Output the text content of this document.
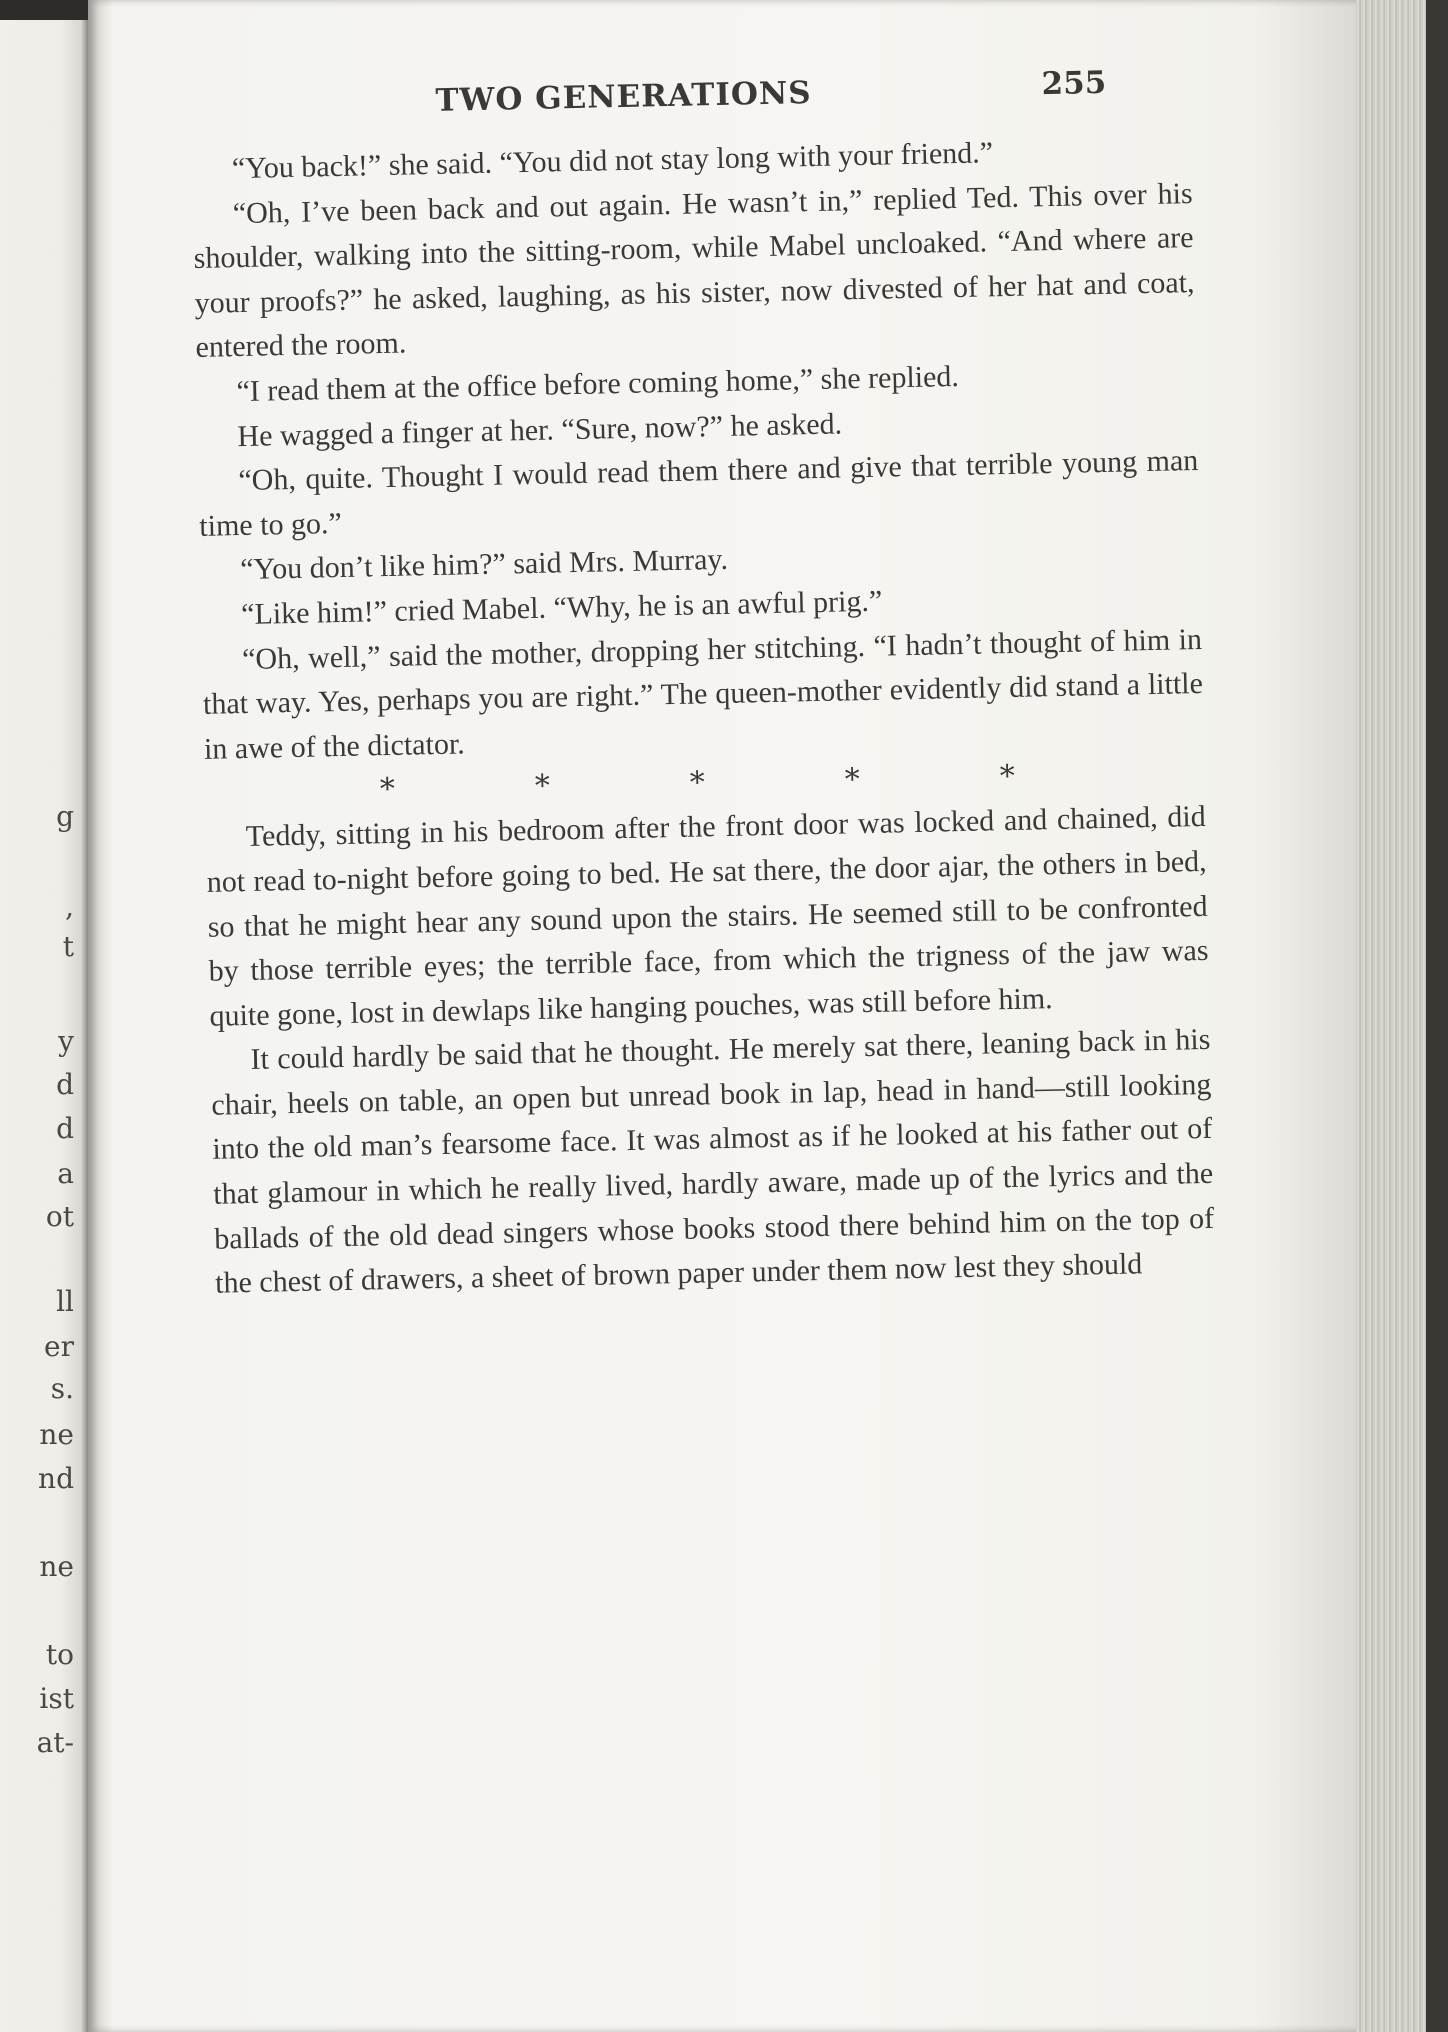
g
,
t
y
d
d
a
ot
ll
er
s.
ne
nd
ne
to
ist
at-
TWO GENERATIONS	255

“You back!” she said. “You did not stay long with your friend.”

“Oh, I’ve been back and out again. He wasn’t in,” replied Ted. This over his shoulder, walking into the sitting-room, while Mabel uncloaked. “And where are your proofs?” he asked, laughing, as his sister, now divested of her hat and coat, entered the room.

“I read them at the office before coming home,” she replied.

He wagged a finger at her. “Sure, now?” he asked.

“Oh, quite. Thought I would read them there and give that terrible young man time to go.”

“You don’t like him?” said Mrs. Murray.

“Like him!” cried Mabel. “Why, he is an awful prig.”

“Oh, well,” said the mother, dropping her stitching. “I hadn’t thought of him in that way. Yes, perhaps you are right.” The queen-mother evidently did stand a little in awe of the dictator.

*	*	*	*	*

Teddy, sitting in his bedroom after the front door was locked and chained, did not read to-night before going to bed. He sat there, the door ajar, the others in bed, so that he might hear any sound upon the stairs. He seemed still to be confronted by those terrible eyes; the terrible face, from which the trigness of the jaw was quite gone, lost in dewlaps like hanging pouches, was still before him.

It could hardly be said that he thought. He merely sat there, leaning back in his chair, heels on table, an open but unread book in lap, head in hand—still looking into the old man’s fearsome face. It was almost as if he looked at his father out of that glamour in which he really lived, hardly aware, made up of the lyrics and the ballads of the old dead singers whose books stood there behind him on the top of the chest of drawers, a sheet of brown paper under them now lest they should
